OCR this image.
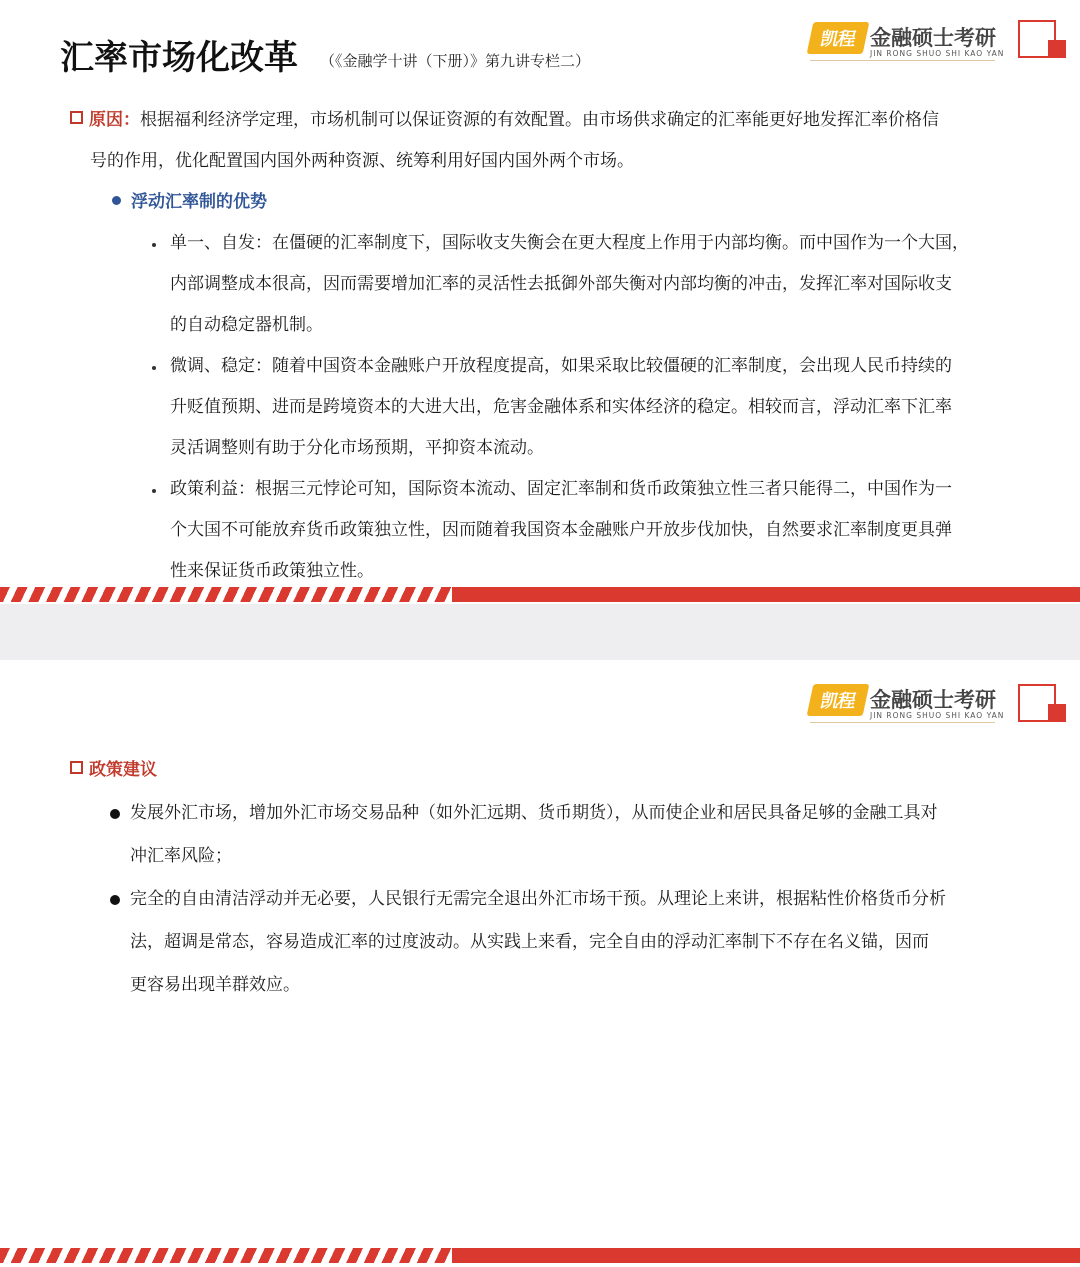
汇率市场化改革 （《金融学十讲（下册）》第九讲专栏二）
凯程 金融硕士考研
JIN RONG SHUO SHI KAO YAN
原因：根据福利经济学定理，市场机制可以保证资源的有效配置。由市场供求确定的汇率能更好地发挥汇率价格信
号的作用，优化配置国内国外两种资源、统筹利用好国内国外两个市场。
浮动汇率制的优势
单一、自发：在僵硬的汇率制度下，国际收支失衡会在更大程度上作用于内部均衡。而中国作为一个大国，
内部调整成本很高，因而需要增加汇率的灵活性去抵御外部失衡对内部均衡的冲击，发挥汇率对国际收支
的自动稳定器机制。
微调、稳定：随着中国资本金融账户开放程度提高，如果采取比较僵硬的汇率制度，会出现人民币持续的
升贬值预期、进而是跨境资本的大进大出，危害金融体系和实体经济的稳定。相较而言，浮动汇率下汇率
灵活调整则有助于分化市场预期，平抑资本流动。
政策利益：根据三元悖论可知，国际资本流动、固定汇率制和货币政策独立性三者只能得二，中国作为一
个大国不可能放弃货币政策独立性，因而随着我国资本金融账户开放步伐加快，自然要求汇率制度更具弹
性来保证货币政策独立性。
凯程 金融硕士考研
JIN RONG SHUO SHI KAO YAN
政策建议
发展外汇市场，增加外汇市场交易品种（如外汇远期、货币期货），从而使企业和居民具备足够的金融工具对
冲汇率风险；
完全的自由清洁浮动并无必要，人民银行无需完全退出外汇市场干预。从理论上来讲，根据粘性价格货币分析
法，超调是常态，容易造成汇率的过度波动。从实践上来看，完全自由的浮动汇率制下不存在名义锚，因而
更容易出现羊群效应。
